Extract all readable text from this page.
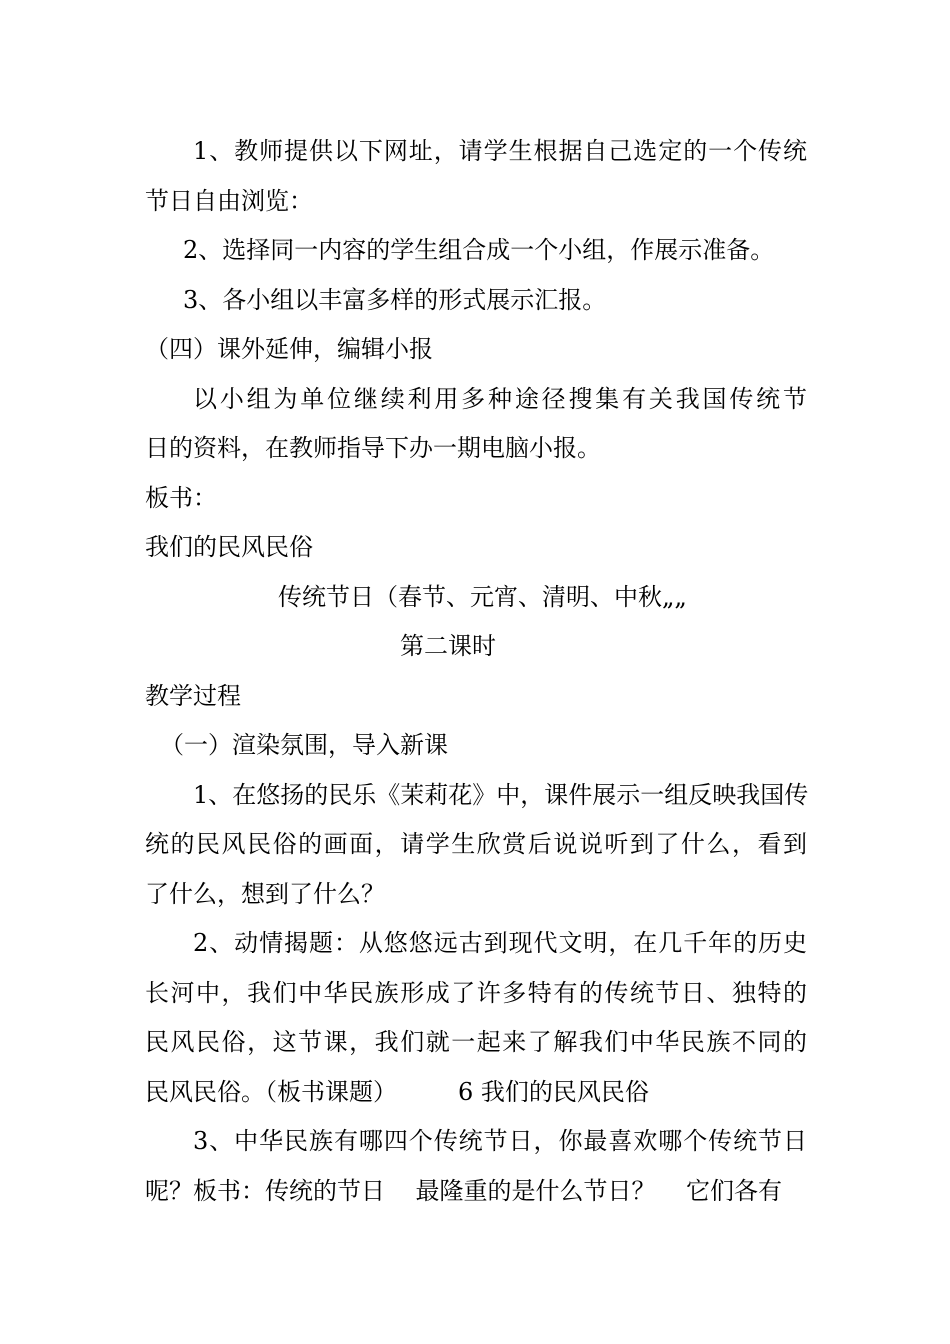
1、教师提供以下网址，请学生根据自己选定的一个传统
节日自由浏览：
2、选择同一内容的学生组合成一个小组，作展示准备。
3、各小组以丰富多样的形式展示汇报。
（四）课外延伸，编辑小报
以小组为单位继续利用多种途径搜集有关我国传统节
日的资料，在教师指导下办一期电脑小报。
板书：
我们的民风民俗
传统节日（春节、元宵、清明、中秋„„
第二课时
教学过程
（一）渲染氛围，导入新课
1、在悠扬的民乐《茉莉花》中，课件展示一组反映我国传
统的民风民俗的画面，请学生欣赏后说说听到了什么，看到
了什么，想到了什么？
2、动情揭题：从悠悠远古到现代文明，在几千年的历史
长河中，我们中华民族形成了许多特有的传统节日、独特的
民风民俗，这节课，我们就一起来了解我们中华民族不同的
民风民俗。（板书课题）        6 我们的民风民俗
3、中华民族有哪四个传统节日，你最喜欢哪个传统节日
呢？板书：传统的节日    最隆重的是什么节日？    它们各有
